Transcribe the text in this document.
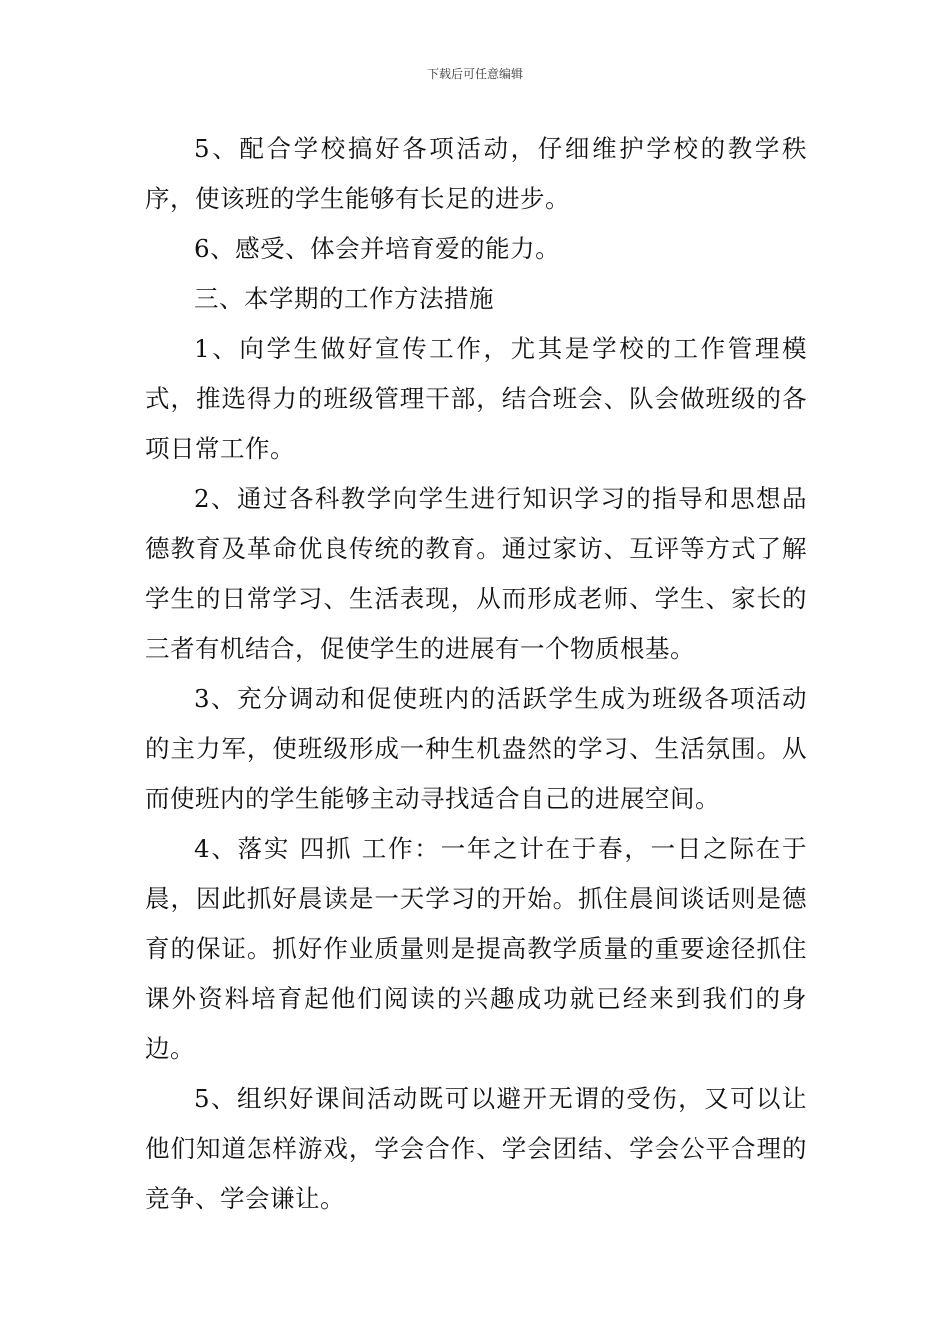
下载后可任意编辑

5、配合学校搞好各项活动，仔细维护学校的教学秩序，使该班的学生能够有长足的进步。

6、感受、体会并培育爱的能力。

三、本学期的工作方法措施

1、向学生做好宣传工作，尤其是学校的工作管理模式，推选得力的班级管理干部，结合班会、队会做班级的各项日常工作。

2、通过各科教学向学生进行知识学习的指导和思想品德教育及革命优良传统的教育。通过家访、互评等方式了解学生的日常学习、生活表现，从而形成老师、学生、家长的三者有机结合，促使学生的进展有一个物质根基。

3、充分调动和促使班内的活跃学生成为班级各项活动的主力军，使班级形成一种生机盎然的学习、生活氛围。从而使班内的学生能够主动寻找适合自己的进展空间。

4、落实 四抓 工作：一年之计在于春，一日之际在于晨，因此抓好晨读是一天学习的开始。抓住晨间谈话则是德育的保证。抓好作业质量则是提高教学质量的重要途径抓住课外资料培育起他们阅读的兴趣成功就已经来到我们的身边。

5、组织好课间活动既可以避开无谓的受伤，又可以让他们知道怎样游戏，学会合作、学会团结、学会公平合理的竞争、学会谦让。
